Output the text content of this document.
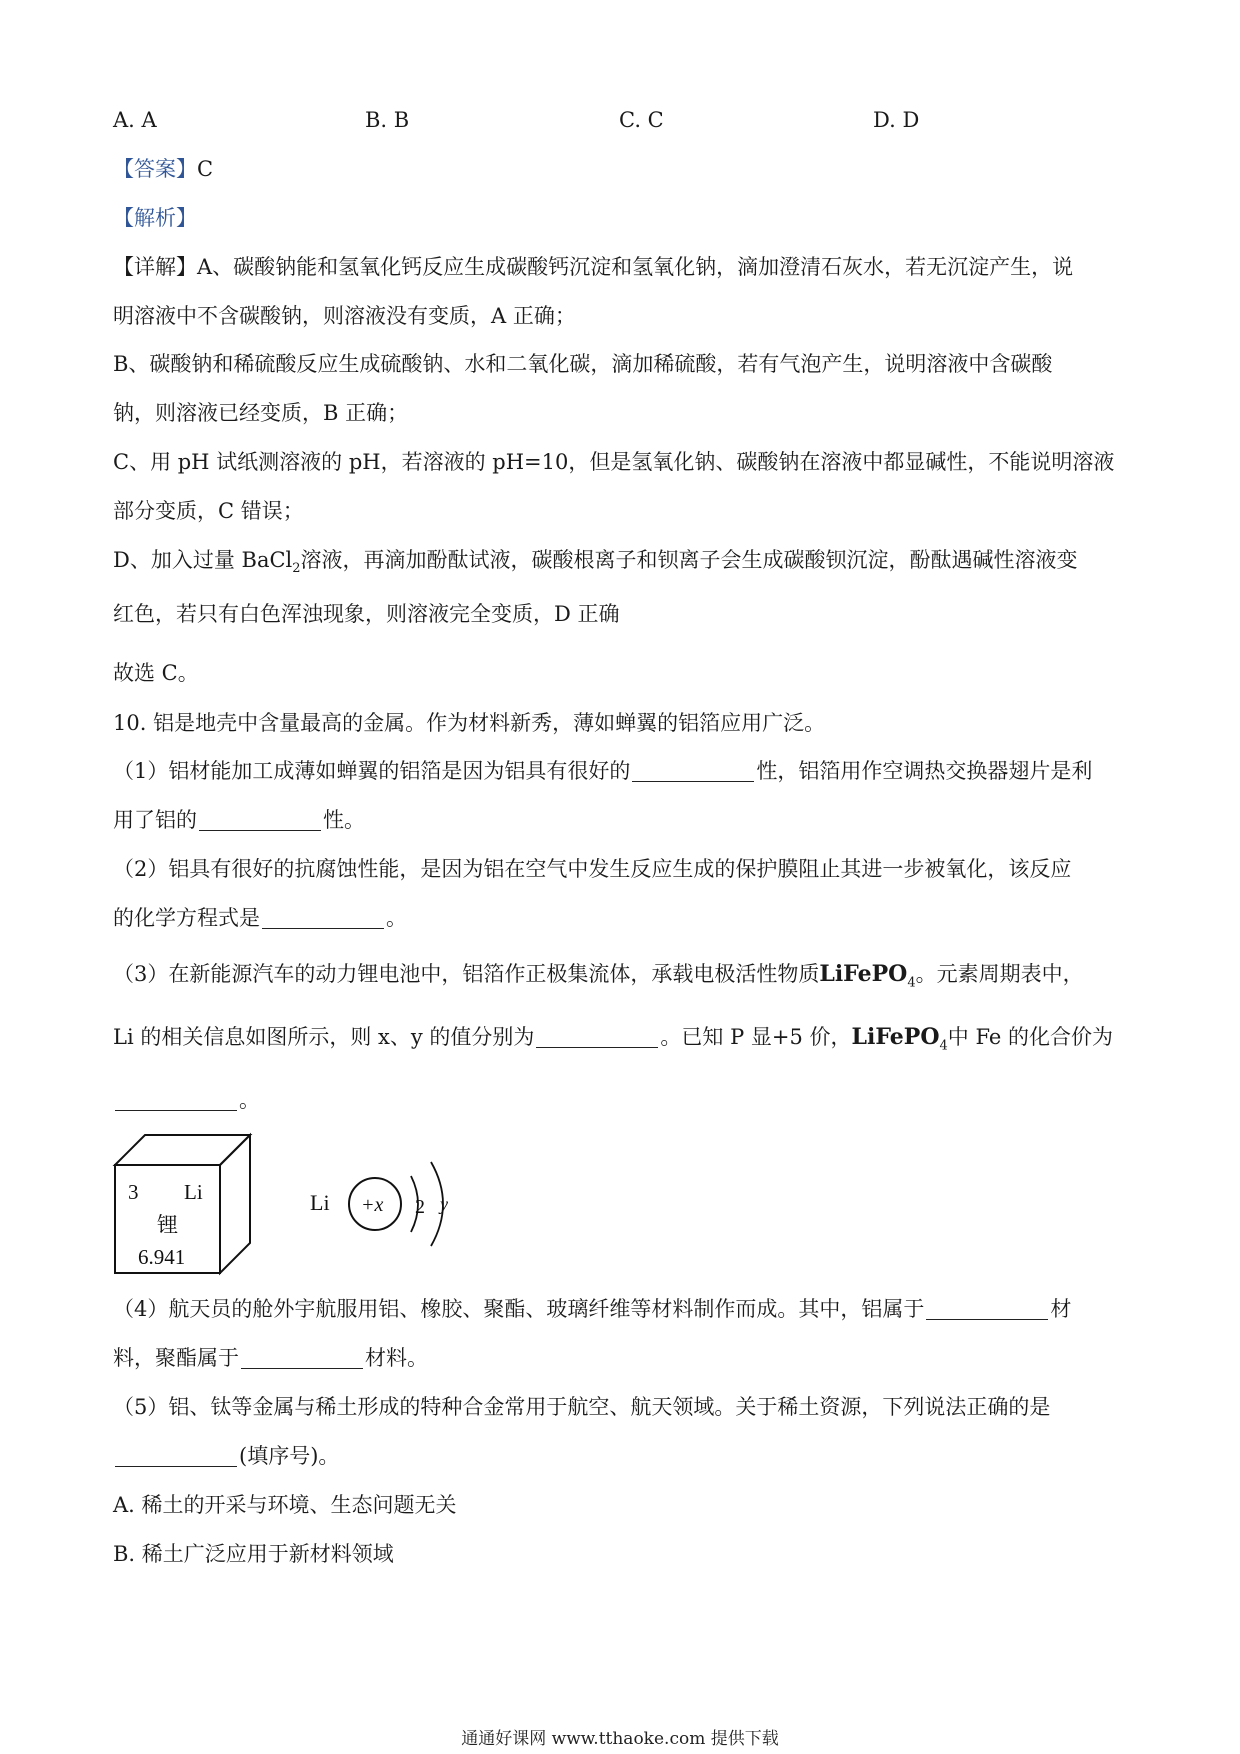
A. A	B. B	C. C	D. D
【答案】C
【解析】
【详解】A、碳酸钠能和氢氧化钙反应生成碳酸钙沉淀和氢氧化钠，滴加澄清石灰水，若无沉淀产生，说
明溶液中不含碳酸钠，则溶液没有变质，A 正确；
B、碳酸钠和稀硫酸反应生成硫酸钠、水和二氧化碳，滴加稀硫酸，若有气泡产生，说明溶液中含碳酸
钠，则溶液已经变质，B 正确；
C、用 pH 试纸测溶液的 pH，若溶液的 pH=10，但是氢氧化钠、碳酸钠在溶液中都显碱性，不能说明溶液
部分变质，C 错误；
D、加入过量 BaCl$_2$溶液，再滴加酚酞试液，碳酸根离子和钡离子会生成碳酸钡沉淀，酚酞遇碱性溶液变
红色，若只有白色浑浊现象，则溶液完全变质，D 正确
故选 C。
10. 铝是地壳中含量最高的金属。作为材料新秀，薄如蝉翼的铝箔应用广泛。
（1）铝材能加工成薄如蝉翼的铝箔是因为铝具有很好的	性，铝箔用作空调热交换器翅片是利
用了铝的	性。
（2）铝具有很好的抗腐蚀性能，是因为铝在空气中发生反应生成的保护膜阻止其进一步被氧化，该反应
的化学方程式是	。
（3）在新能源汽车的动力锂电池中，铝箔作正极集流体，承载电极活性物质LiFePO$_4$。元素周期表中，
Li 的相关信息如图所示，则 x、y 的值分别为	。已知 P 显+5 价，LiFePO$_4$中 Fe 的化合价为
。
3 Li
锂
6.941
Li +x 2 y
（4）航天员的舱外宇航服用铝、橡胶、聚酯、玻璃纤维等材料制作而成。其中，铝属于	材
料，聚酯属于	材料。
（5）铝、钛等金属与稀土形成的特种合金常用于航空、航天领域。关于稀土资源，下列说法正确的是
(填序号)。
A. 稀土的开采与环境、生态问题无关
B. 稀土广泛应用于新材料领域
通通好课网 www.tthaoke.com 提供下载
